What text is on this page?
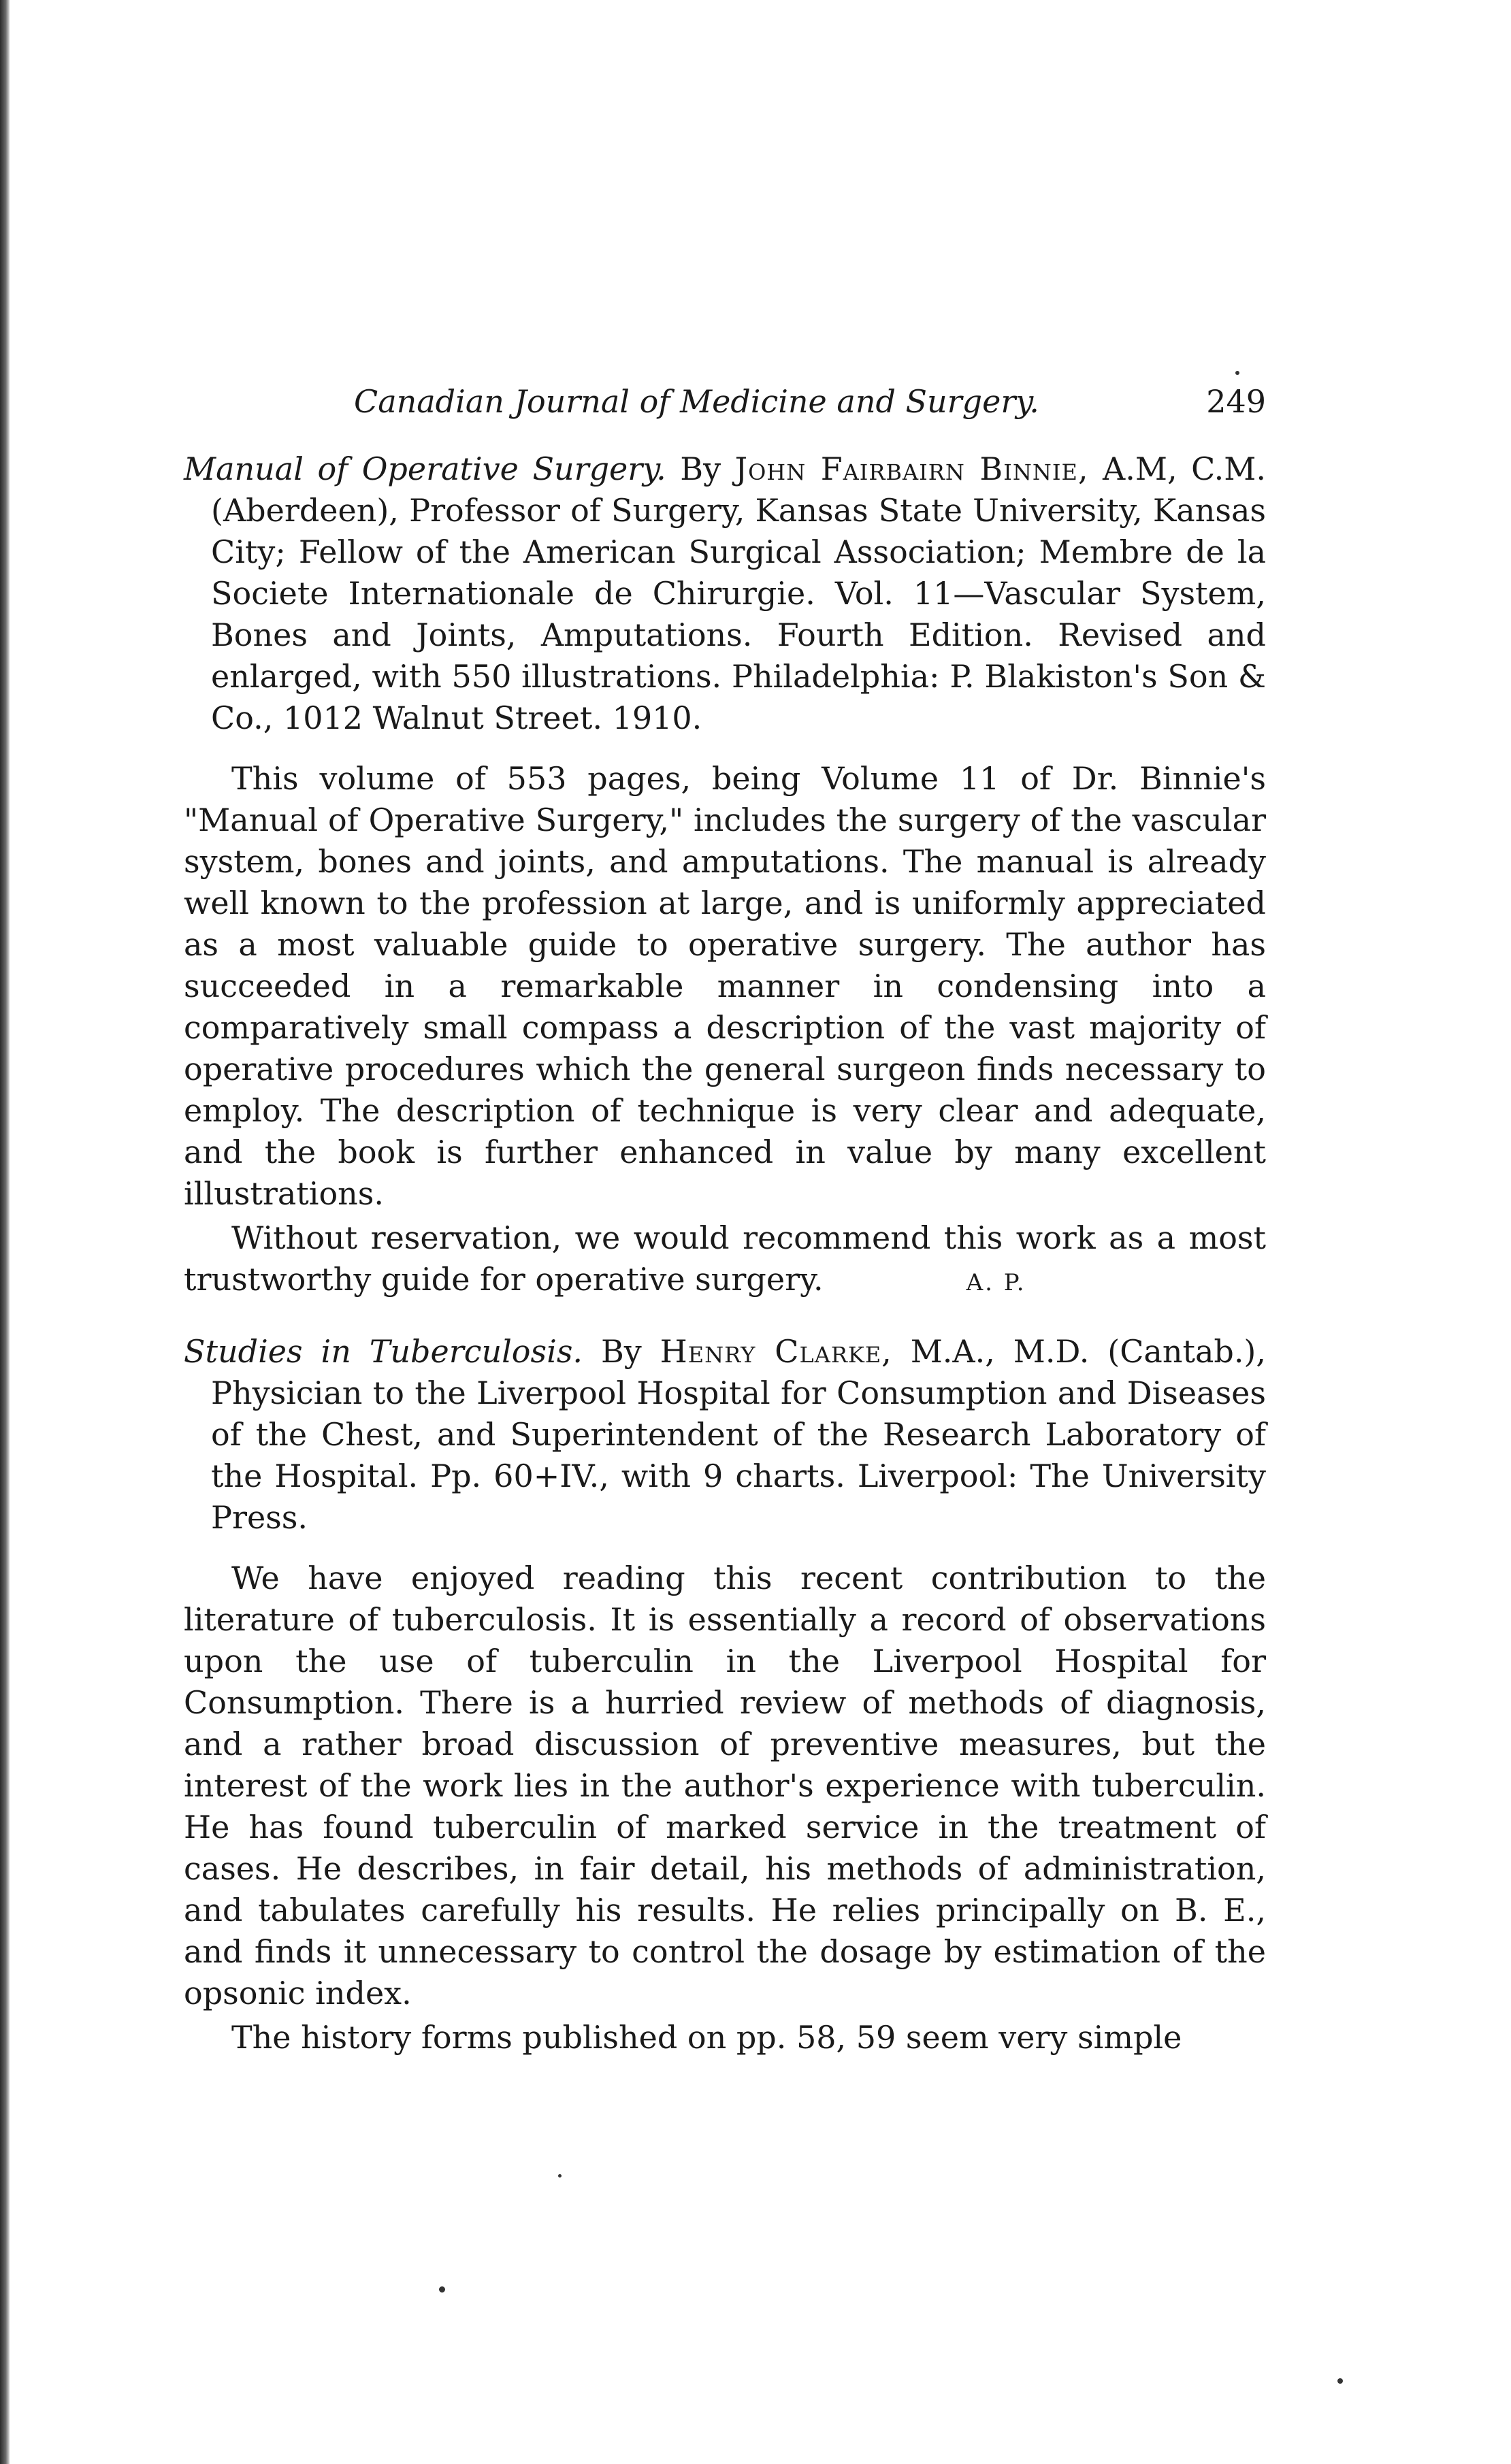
Canadian Journal of Medicine and Surgery.	249

Manual of Operative Surgery. By John Fairbairn Binnie, A.M, C.M. (Aberdeen), Professor of Surgery, Kansas State University, Kansas City; Fellow of the American Surgical Association; Membre de la Societe Internationale de Chirurgie. Vol. 11—Vascular System, Bones and Joints, Amputations. Fourth Edition. Revised and enlarged, with 550 illustrations. Philadelphia: P. Blakiston's Son & Co., 1012 Walnut Street. 1910.

This volume of 553 pages, being Volume 11 of Dr. Binnie's "Manual of Operative Surgery," includes the surgery of the vascular system, bones and joints, and amputations. The manual is already well known to the profession at large, and is uniformly appreciated as a most valuable guide to operative surgery. The author has succeeded in a remarkable manner in condensing into a comparatively small compass a description of the vast majority of operative procedures which the general surgeon finds necessary to employ. The description of technique is very clear and adequate, and the book is further enhanced in value by many excellent illustrations.

Without reservation, we would recommend this work as a most trustworthy guide for operative surgery.	A. P.

Studies in Tuberculosis. By Henry Clarke, M.A., M.D. (Cantab.), Physician to the Liverpool Hospital for Consumption and Diseases of the Chest, and Superintendent of the Research Laboratory of the Hospital. Pp. 60+IV., with 9 charts. Liverpool: The University Press.

We have enjoyed reading this recent contribution to the literature of tuberculosis. It is essentially a record of observations upon the use of tuberculin in the Liverpool Hospital for Consumption. There is a hurried review of methods of diagnosis, and a rather broad discussion of preventive measures, but the interest of the work lies in the author's experience with tuberculin. He has found tuberculin of marked service in the treatment of cases. He describes, in fair detail, his methods of administration, and tabulates carefully his results. He relies principally on B. E., and finds it unnecessary to control the dosage by estimation of the opsonic index.

The history forms published on pp. 58, 59 seem very simple
